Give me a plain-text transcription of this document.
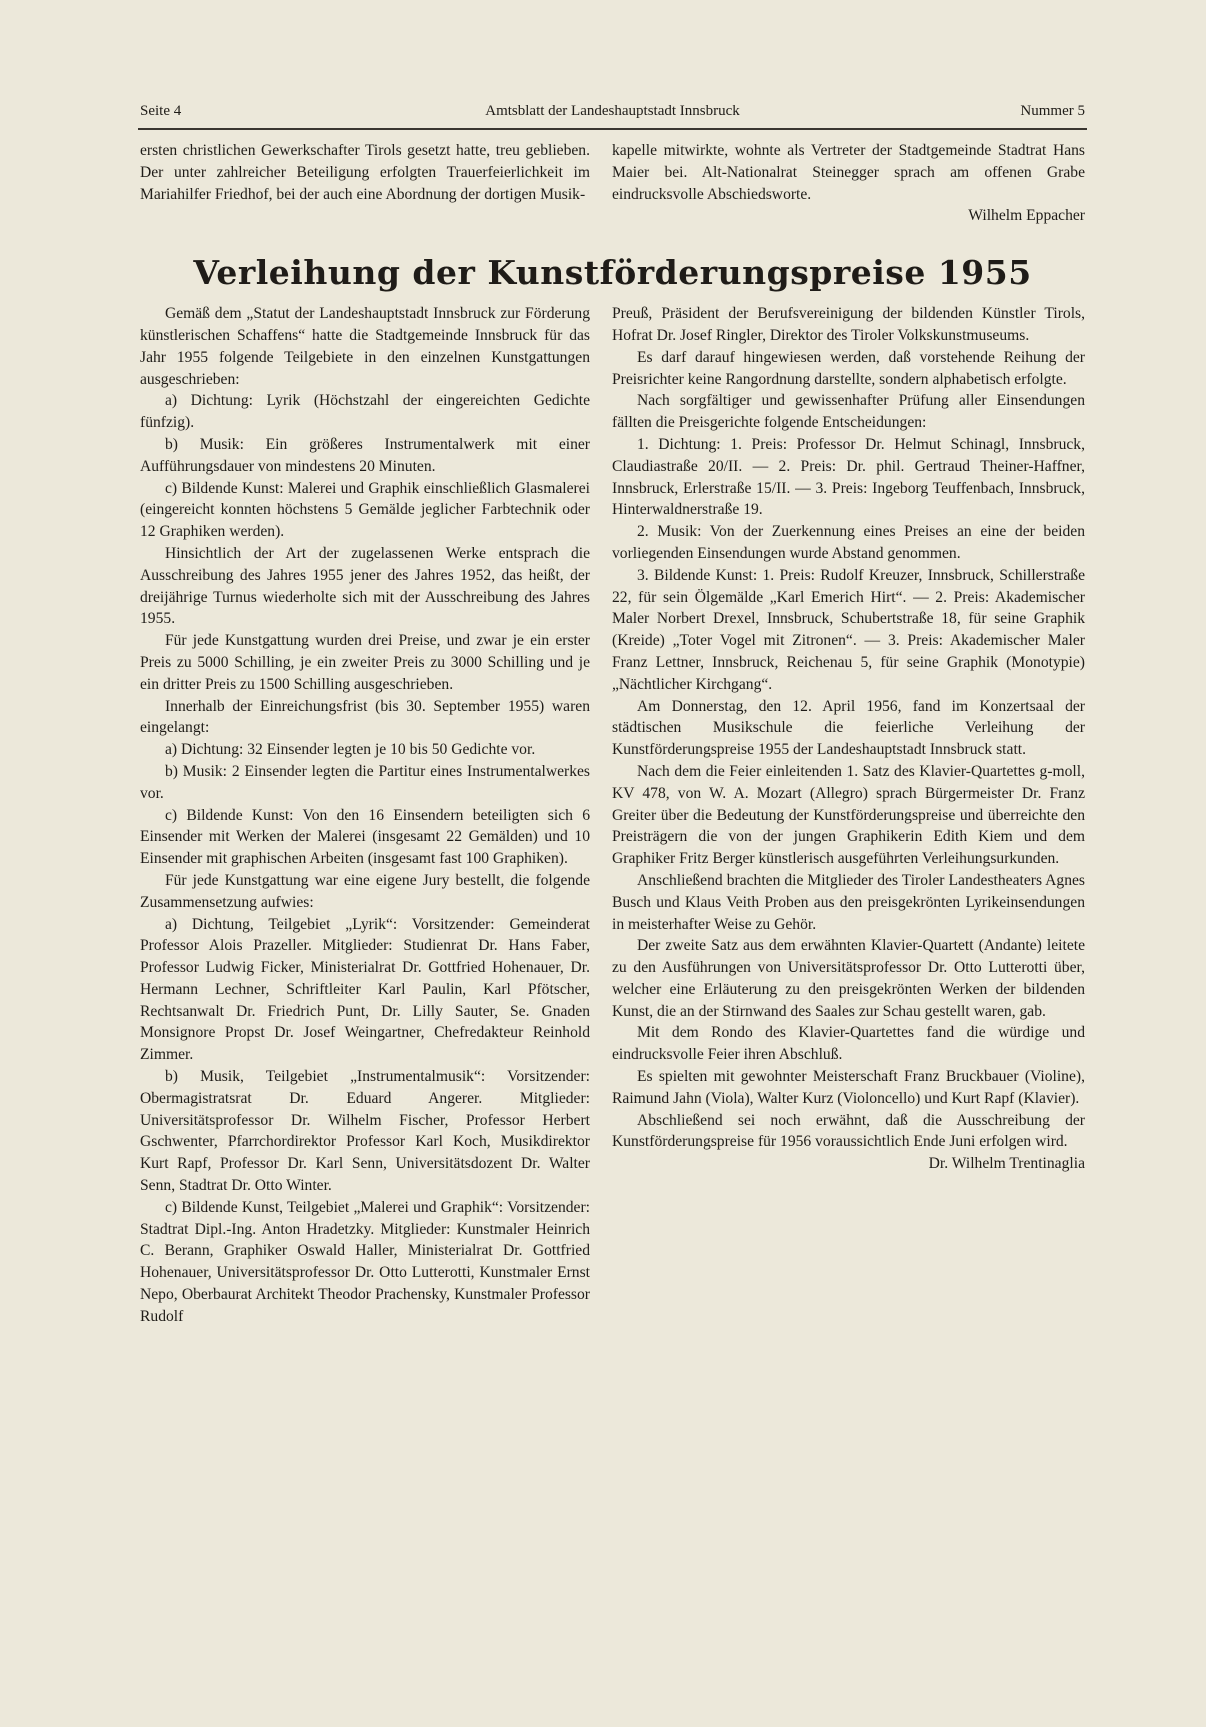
Amtsblatt der Landeshauptstadt Innsbruck
Seite 4	Nummer 5

ersten christlichen Gewerkschafter Tirols gesetzt hatte, treu geblieben. Der unter zahlreicher Beteiligung erfolgten Trauerfeierlichkeit im Mariahilfer Friedhof, bei der auch eine Abordnung der dortigen Musik-

kapelle mitwirkte, wohnte als Vertreter der Stadtgemeinde Stadtrat Hans Maier bei. Alt-Nationalrat Steinegger sprach am offenen Grabe eindrucksvolle Abschiedsworte.

Wilhelm Eppacher

Verleihung der Kunstförderungspreise 1955

Gemäß dem „Statut der Landeshauptstadt Innsbruck zur Förderung künstlerischen Schaffens“ hatte die Stadtgemeinde Innsbruck für das Jahr 1955 folgende Teilgebiete in den einzelnen Kunstgattungen ausgeschrieben:

a) Dichtung: Lyrik (Höchstzahl der eingereichten Gedichte fünfzig).

b) Musik: Ein größeres Instrumentalwerk mit einer Aufführungsdauer von mindestens 20 Minuten.

c) Bildende Kunst: Malerei und Graphik einschließlich Glasmalerei (eingereicht konnten höchstens 5 Gemälde jeglicher Farbtechnik oder 12 Graphiken werden).

Hinsichtlich der Art der zugelassenen Werke entsprach die Ausschreibung des Jahres 1955 jener des Jahres 1952, das heißt, der dreijährige Turnus wiederholte sich mit der Ausschreibung des Jahres 1955.

Für jede Kunstgattung wurden drei Preise, und zwar je ein erster Preis zu 5000 Schilling, je ein zweiter Preis zu 3000 Schilling und je ein dritter Preis zu 1500 Schilling ausgeschrieben.

Innerhalb der Einreichungsfrist (bis 30. September 1955) waren eingelangt:

a) Dichtung: 32 Einsender legten je 10 bis 50 Gedichte vor.

b) Musik: 2 Einsender legten die Partitur eines Instrumentalwerkes vor.

c) Bildende Kunst: Von den 16 Einsendern beteiligten sich 6 Einsender mit Werken der Malerei (insgesamt 22 Gemälden) und 10 Einsender mit graphischen Arbeiten (insgesamt fast 100 Graphiken).

Für jede Kunstgattung war eine eigene Jury bestellt, die folgende Zusammensetzung aufwies:

a) Dichtung, Teilgebiet „Lyrik“: Vorsitzender: Gemeinderat Professor Alois Prazeller. Mitglieder: Studienrat Dr. Hans Faber, Professor Ludwig Ficker, Ministerialrat Dr. Gottfried Hohenauer, Dr. Hermann Lechner, Schriftleiter Karl Paulin, Karl Pfötscher, Rechtsanwalt Dr. Friedrich Punt, Dr. Lilly Sauter, Se. Gnaden Monsignore Propst Dr. Josef Weingartner, Chefredakteur Reinhold Zimmer.

b) Musik, Teilgebiet „Instrumentalmusik“: Vorsitzender: Obermagistratsrat Dr. Eduard Angerer. Mitglieder: Universitätsprofessor Dr. Wilhelm Fischer, Professor Herbert Gschwenter, Pfarrchordirektor Professor Karl Koch, Musikdirektor Kurt Rapf, Professor Dr. Karl Senn, Universitätsdozent Dr. Walter Senn, Stadtrat Dr. Otto Winter.

c) Bildende Kunst, Teilgebiet „Malerei und Graphik“: Vorsitzender: Stadtrat Dipl.-Ing. Anton Hradetzky. Mitglieder: Kunstmaler Heinrich C. Berann, Graphiker Oswald Haller, Ministerialrat Dr. Gottfried Hohenauer, Universitätsprofessor Dr. Otto Lutterotti, Kunstmaler Ernst Nepo, Oberbaurat Architekt Theodor Prachensky, Kunstmaler Professor Rudolf

Preuß, Präsident der Berufsvereinigung der bildenden Künstler Tirols, Hofrat Dr. Josef Ringler, Direktor des Tiroler Volkskunstmuseums.

Es darf darauf hingewiesen werden, daß vorstehende Reihung der Preisrichter keine Rangordnung darstellte, sondern alphabetisch erfolgte.

Nach sorgfältiger und gewissenhafter Prüfung aller Einsendungen fällten die Preisgerichte folgende Entscheidungen:

1. Dichtung: 1. Preis: Professor Dr. Helmut Schinagl, Innsbruck, Claudiastraße 20/II. — 2. Preis: Dr. phil. Gertraud Theiner-Haffner, Innsbruck, Erlerstraße 15/II. — 3. Preis: Ingeborg Teuffenbach, Innsbruck, Hinterwaldnerstraße 19.

2. Musik: Von der Zuerkennung eines Preises an eine der beiden vorliegenden Einsendungen wurde Abstand genommen.

3. Bildende Kunst: 1. Preis: Rudolf Kreuzer, Innsbruck, Schillerstraße 22, für sein Ölgemälde „Karl Emerich Hirt“. — 2. Preis: Akademischer Maler Norbert Drexel, Innsbruck, Schubertstraße 18, für seine Graphik (Kreide) „Toter Vogel mit Zitronen“. — 3. Preis: Akademischer Maler Franz Lettner, Innsbruck, Reichenau 5, für seine Graphik (Monotypie) „Nächtlicher Kirchgang“.

Am Donnerstag, den 12. April 1956, fand im Konzertsaal der städtischen Musikschule die feierliche Verleihung der Kunstförderungspreise 1955 der Landeshauptstadt Innsbruck statt.

Nach dem die Feier einleitenden 1. Satz des Klavier-Quartettes g-moll, KV 478, von W. A. Mozart (Allegro) sprach Bürgermeister Dr. Franz Greiter über die Bedeutung der Kunstförderungspreise und überreichte den Preisträgern die von der jungen Graphikerin Edith Kiem und dem Graphiker Fritz Berger künstlerisch ausgeführten Verleihungsurkunden.

Anschließend brachten die Mitglieder des Tiroler Landestheaters Agnes Busch und Klaus Veith Proben aus den preisgekrönten Lyrikeinsendungen in meisterhafter Weise zu Gehör.

Der zweite Satz aus dem erwähnten Klavier-Quartett (Andante) leitete zu den Ausführungen von Universitätsprofessor Dr. Otto Lutterotti über, welcher eine Erläuterung zu den preisgekrönten Werken der bildenden Kunst, die an der Stirnwand des Saales zur Schau gestellt waren, gab.

Mit dem Rondo des Klavier-Quartettes fand die würdige und eindrucksvolle Feier ihren Abschluß.

Es spielten mit gewohnter Meisterschaft Franz Bruckbauer (Violine), Raimund Jahn (Viola), Walter Kurz (Violoncello) und Kurt Rapf (Klavier).

Abschließend sei noch erwähnt, daß die Ausschreibung der Kunstförderungspreise für 1956 voraussichtlich Ende Juni erfolgen wird.

Dr. Wilhelm Trentinaglia
